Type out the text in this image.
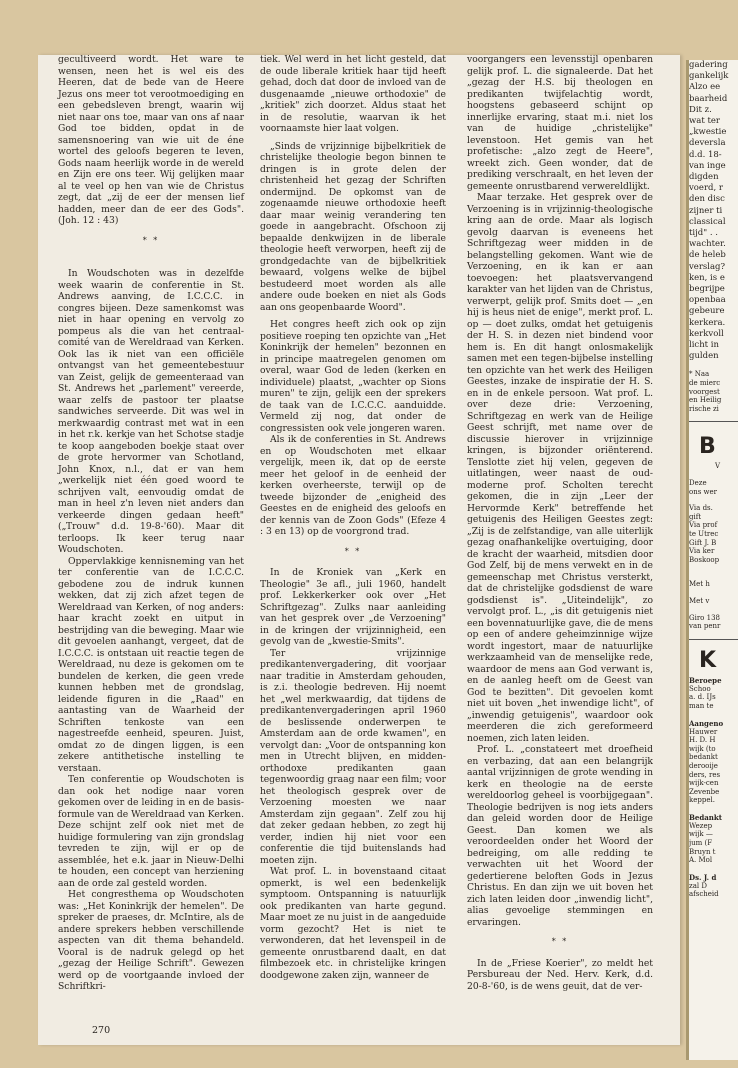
gecultiveerd wordt. Het ware te wensen, neen het is wel eis des Heeren, dat de bede van de Heere Jezus ons meer tot verootmoediging en een gebedsleven brengt, waarin wij niet naar ons toe, maar van ons af naar God toe bidden, opdat in de samensnoering van wie uit de éne wortel des geloofs begeren te leven, Gods naam heerlijk worde in de wereld en Zijn ere ons teer. Wij gelijken maar al te veel op hen van wie de Christus zegt, dat „zij de eer der mensen lief hadden, meer dan de eer des Gods". (Joh. 12 : 43)

* *

In Woudschoten was in dezelfde week waarin de conferentie in St. Andrews aanving, de I.C.C.C. in congres bijeen. Deze samenkomst was niet in haar opening en vervolg zo pompeus als die van het centraal-comité van de Wereldraad van Kerken. Ook las ik niet van een officiële ontvangst van het gemeentebestuur van Zeist, gelijk de gemeenteraad van St. Andrews het „parlement" vereerde, waar zelfs de pastoor ter plaatse sandwiches serveerde. Dit was wel in merkwaardig contrast met wat in een in het r.k. kerkje van het Schotse stadje te koop aangeboden boekje staat over de grote hervormer van Schotland, John Knox, n.l., dat er van hem „werkelijk niet één goed woord te schrijven valt, eenvoudig omdat de man in heel z'n leven niet anders dan verkeerde dingen gedaan heeft" („Trouw" d.d. 19-8-'60). Maar dit terloops. Ik keer terug naar Woudschoten.

Oppervlakkige kennisneming van het ter conferentie van de I.C.C.C. gebodene zou de indruk kunnen wekken, dat zij zich afzet tegen de Wereldraad van Kerken, of nog anders: haar kracht zoekt en uitput in bestrijding van die beweging. Maar wie dit gevoelen aanhangt, vergeet, dat de I.C.C.C. is ontstaan uit reactie tegen de Wereldraad, nu deze is gekomen om te bundelen de kerken, die geen vrede kunnen hebben met de grondslag, leidende figuren in die „Raad" en aantasting van de Waarheid der Schriften tenkoste van een nagestreefde eenheid, speuren. Juist, omdat zo de dingen liggen, is een zekere antithetische instelling te verstaan.

Ten conferentie op Woudschoten is dan ook het nodige naar voren gekomen over de leiding in en de basis-formule van de Wereldraad van Kerken. Deze schijnt zelf ook niet met de huidige formulering van zijn grondslag tevreden te zijn, wijl er op de assemblée, het e.k. jaar in Nieuw-Delhi te houden, een concept van herziening aan de orde zal gesteld worden.

Het congresthema op Woudschoten was: „Het Koninkrijk der hemelen". De spreker de praeses, dr. McIntire, als de andere sprekers hebben verschillende aspecten van dit thema behandeld. Vooral is de nadruk gelegd op het „gezag der Heilige Schrift". Gewezen werd op de voortgaande invloed der Schriftkri-

tiek. Wel werd in het licht gesteld, dat de oude liberale kritiek haar tijd heeft gehad, doch dat door de invloed van de dusgenaamde „nieuwe orthodoxie" de „kritiek" zich doorzet. Aldus staat het in de resolutie, waarvan ik het voornaamste hier laat volgen.

„Sinds de vrijzinnige bijbelkritiek de christelijke theologie begon binnen te dringen is in grote delen der christenheid het gezag der Schriften ondermijnd. De opkomst van de zogenaamde nieuwe orthodoxie heeft daar maar weinig verandering ten goede in aangebracht. Ofschoon zij bepaalde denkwijzen in de liberale theologie heeft verworpen, heeft zij de grondgedachte van de bijbelkritiek bewaard, volgens welke de bijbel bestudeerd moet worden als alle andere oude boeken en niet als Gods aan ons geopenbaarde Woord".

Het congres heeft zich ook op zijn positieve roeping ten opzichte van „Het Koninkrijk der hemelen" bezonnen en in principe maatregelen genomen om overal, waar God de leden (kerken en individuele) plaatst, „wachter op Sions muren" te zijn, gelijk een der sprekers de taak van de I.C.C.C. aanduidde. Vermeld zij nog, dat onder de congressisten ook vele jongeren waren.

Als ik de conferenties in St. Andrews en op Woudschoten met elkaar vergelijk, meen ik, dat op de eerste meer het geloof in de eenheid der kerken overheerste, terwijl op de tweede bijzonder de „enigheid des Geestes en de enigheid des geloofs en der kennis van de Zoon Gods" (Efeze 4 : 3 en 13) op de voorgrond trad.

* *

In de Kroniek van „Kerk en Theologie" 3e afl., juli 1960, handelt prof. Lekkerkerker ook over „Het Schriftgezag". Zulks naar aanleiding van het gesprek over „de Verzoening" in de kringen der vrijzinnigheid, een gevolg van de „kwestie-Smits".

Ter vrijzinnige predikantenvergadering, dit voorjaar naar traditie in Amsterdam gehouden, is z.i. theologie bedreven. Hij noemt het „wel merkwaardig, dat tijdens de predikantenvergaderingen april 1960 de beslissende onderwerpen te Amsterdam aan de orde kwamen", en vervolgt dan: „Voor de ontspanning kon men in Utrecht blijven, en midden-orthodoxe predikanten gaan tegenwoordig graag naar een film; voor het theologisch gesprek over de Verzoening moesten we naar Amsterdam zijn gegaan". Zelf zou hij dat zeker gedaan hebben, zo zegt hij verder, indien hij niet voor een conferentie die tijd buitenslands had moeten zijn.

Wat prof. L. in bovenstaand citaat opmerkt, is wel een bedenkelijk symptoom. Ontspanning is natuurlijk ook predikanten van harte gegund. Maar moet ze nu juist in de aangeduide vorm gezocht? Het is niet te verwonderen, dat het levenspeil in de gemeente onrustbarend daalt, en dat filmbezoek etc. in christelijke kringen doodgewone zaken zijn, wanneer de

voorgangers een levensstijl openbaren gelijk prof. L. die signaleerde. Dat het „gezag der H.S. bij theologen en predikanten twijfelachtig wordt, hoogstens gebaseerd schijnt op innerlijke ervaring, staat m.i. niet los van de huidige „christelijke" levenstoon. Het gemis van het profetische: „alzo zegt de Heere", wreekt zich. Geen wonder, dat de prediking verschraalt, en het leven der gemeente onrustbarend verwereldlijkt.

Maar terzake. Het gesprek over de Verzoening is in vrijzinnig-theologische kring aan de orde. Maar als logisch gevolg daarvan is eveneens het Schriftgezag weer midden in de belangstelling gekomen. Want wie de Verzoening, en ik kan er aan toevoegen: het plaatsvervangend karakter van het lijden van de Christus, verwerpt, gelijk prof. Smits doet — „en hij is heus niet de enige", merkt prof. L. op — doet zulks, omdat het getuigenis der H. S. in dezen niet bindend voor hem is. En dit hangt onlosmakelijk samen met een tegen-bijbelse instelling ten opzichte van het werk des Heiligen Geestes, inzake de inspiratie der H. S. en in de enkele persoon. Wat prof. L. over deze drie: Verzoening, Schriftgezag en werk van de Heilige Geest schrijft, met name over de discussie hierover in vrijzinnige kringen, is bijzonder oriënterend. Tenslotte ziet hij velen, gegeven de uitlatingen, weer naast de oud-moderne prof. Scholten terecht gekomen, die in zijn „Leer der Hervormde Kerk" betreffende het getuigenis des Heiligen Geestes zegt: „Zij is de zelfstandige, van alle uiterlijk gezag onafhankelijke overtuiging, door de kracht der waarheid, mitsdien door God Zelf, bij de mens verwekt en in de gemeenschap met Christus versterkt, dat de christelijke godsdienst de ware godsdienst is". „Uiteindelijk", zo vervolgt prof. L., „is dit getuigenis niet een bovennatuurlijke gave, die de mens op een of andere geheimzinnige wijze wordt ingestort, maar de natuurlijke werkzaamheid van de menselijke rede, waardoor de mens aan God verwant is, en de aanleg heeft om de Geest van God te bezitten". Dit gevoelen komt niet uit boven „het inwendige licht", of „inwendig getuigenis", waardoor ook meerderen die zich gereformeerd noemen, zich laten leiden.

Prof. L. „constateert met droefheid en verbazing, dat aan een belangrijk aantal vrijzinnigen de grote wending in kerk en theologie na de eerste wereldoorlog geheel is voorbijgegaan". Theologie bedrijven is nog iets anders dan geleid worden door de Heilige Geest. Dan komen we als veroordeelden onder het Woord der bedreiging, om alle redding te verwachten uit het Woord der gedertierene beloften Gods in Jezus Christus. En dan zijn we uit boven het zich laten leiden door „inwendig licht", alias gevoelige stemmingen en ervaringen.

* *

In de „Friese Koerier", zo meldt het Persbureau der Ned. Herv. Kerk, d.d. 20-8-'60, is de wens geuit, dat de ver-

270
gadering
gankelijk
Alzo ee
baarheid
Dit z.
wat ter
„kwestie
deversla
d.d. 18-
van inge
digden
voerd, r
den disc
zijner ti
classical
tijd" . .
wachter.
de heleb
verslag?
ken, is e
begrijpe
openbaa
gebeure
kerkera.
kerkvoll
licht in
gulden
* Naa
de mierc
voorgest
en Heilig
rische zi
B
V
Deze
ons wer
Via ds.
gift
Via prof
te Utrec
Gift J. B
Via ker
Boskoop
Met h
Met v
Giro 138
van penr
K
Beroepe
Schoo
a. d. IJs
man te
Aangeno
Hauwer
H. D. H
wijk (to
bedankt
derooije
ders, res
wijk-cen
Zevenbe
keppel.
Bedankt
Wezep
wijk —
jum (F
Bruyn t
A. Mol
Ds. J. d
zal D
afscheid
